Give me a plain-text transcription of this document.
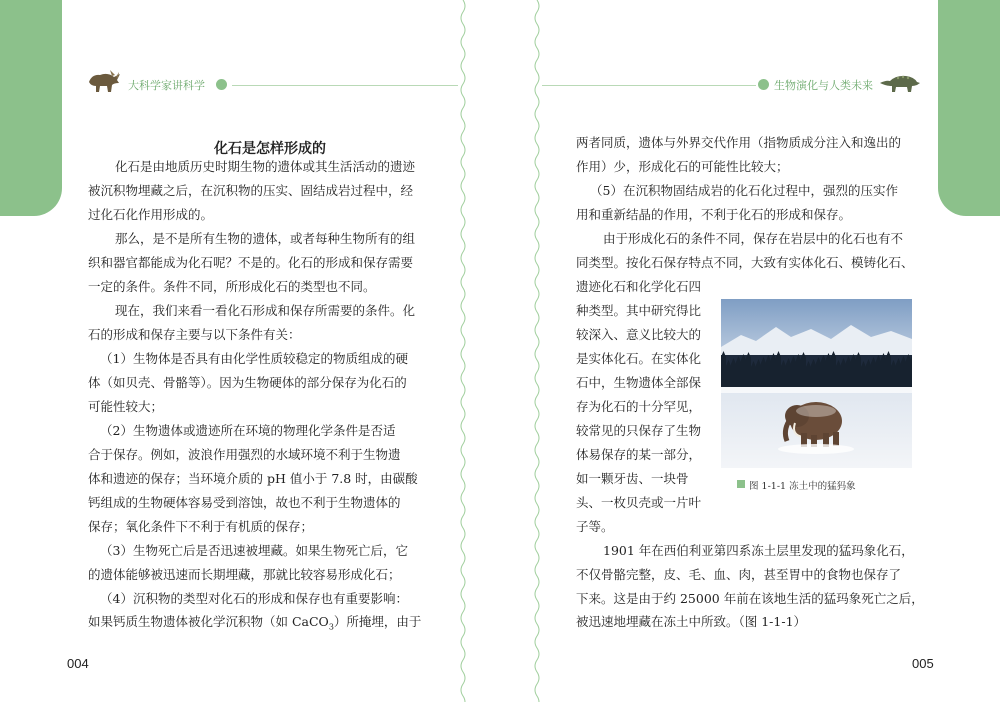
大科学家讲科学
化石是怎样形成的
004
生物演化与人类未来
005
图 1-1-1 冻土中的猛犸象
化石是由地质历史时期生物的遗体或其生活活动的遗迹
被沉积物埋藏之后，在沉积物的压实、固结成岩过程中，经
过化石化作用形成的。
那么，是不是所有生物的遗体，或者每种生物所有的组
织和器官都能成为化石呢？不是的。化石的形成和保存需要
一定的条件。条件不同，所形成化石的类型也不同。
现在，我们来看一看化石形成和保存所需要的条件。化
石的形成和保存主要与以下条件有关：
（1）生物体是否具有由化学性质较稳定的物质组成的硬
体（如贝壳、骨骼等）。因为生物硬体的部分保存为化石的
可能性较大；
（2）生物遗体或遗迹所在环境的物理化学条件是否适
合于保存。例如，波浪作用强烈的水域环境不利于生物遗
体和遗迹的保存；当环境介质的 pH 值小于 7.8 时，由碳酸
钙组成的生物硬体容易受到溶蚀，故也不利于生物遗体的
保存；氧化条件下不利于有机质的保存；
（3）生物死亡后是否迅速被埋藏。如果生物死亡后，它
的遗体能够被迅速而长期埋藏，那就比较容易形成化石；
（4）沉积物的类型对化石的形成和保存也有重要影响：
如果钙质生物遗体被化学沉积物（如 CaCO$_3$）所掩埋，由于
两者同质，遗体与外界交代作用（指物质成分注入和逸出的
作用）少，形成化石的可能性比较大；
（5）在沉积物固结成岩的化石化过程中，强烈的压实作
用和重新结晶的作用，不利于化石的形成和保存。
由于形成化石的条件不同，保存在岩层中的化石也有不
同类型。按化石保存特点不同，大致有实体化石、模铸化石、
遗迹化石和化学化石四
种类型。其中研究得比
较深入、意义比较大的
是实体化石。在实体化
石中，生物遗体全部保
存为化石的十分罕见，
较常见的只保存了生物
体易保存的某一部分，
如一颗牙齿、一块骨
头、一枚贝壳或一片叶
子等。
1901 年在西伯利亚第四系冻土层里发现的猛玛象化石，
不仅骨骼完整，皮、毛、血、肉，甚至胃中的食物也保存了
下来。这是由于约 25000 年前在该地生活的猛玛象死亡之后，
被迅速地埋藏在冻土中所致。（图 1-1-1）
